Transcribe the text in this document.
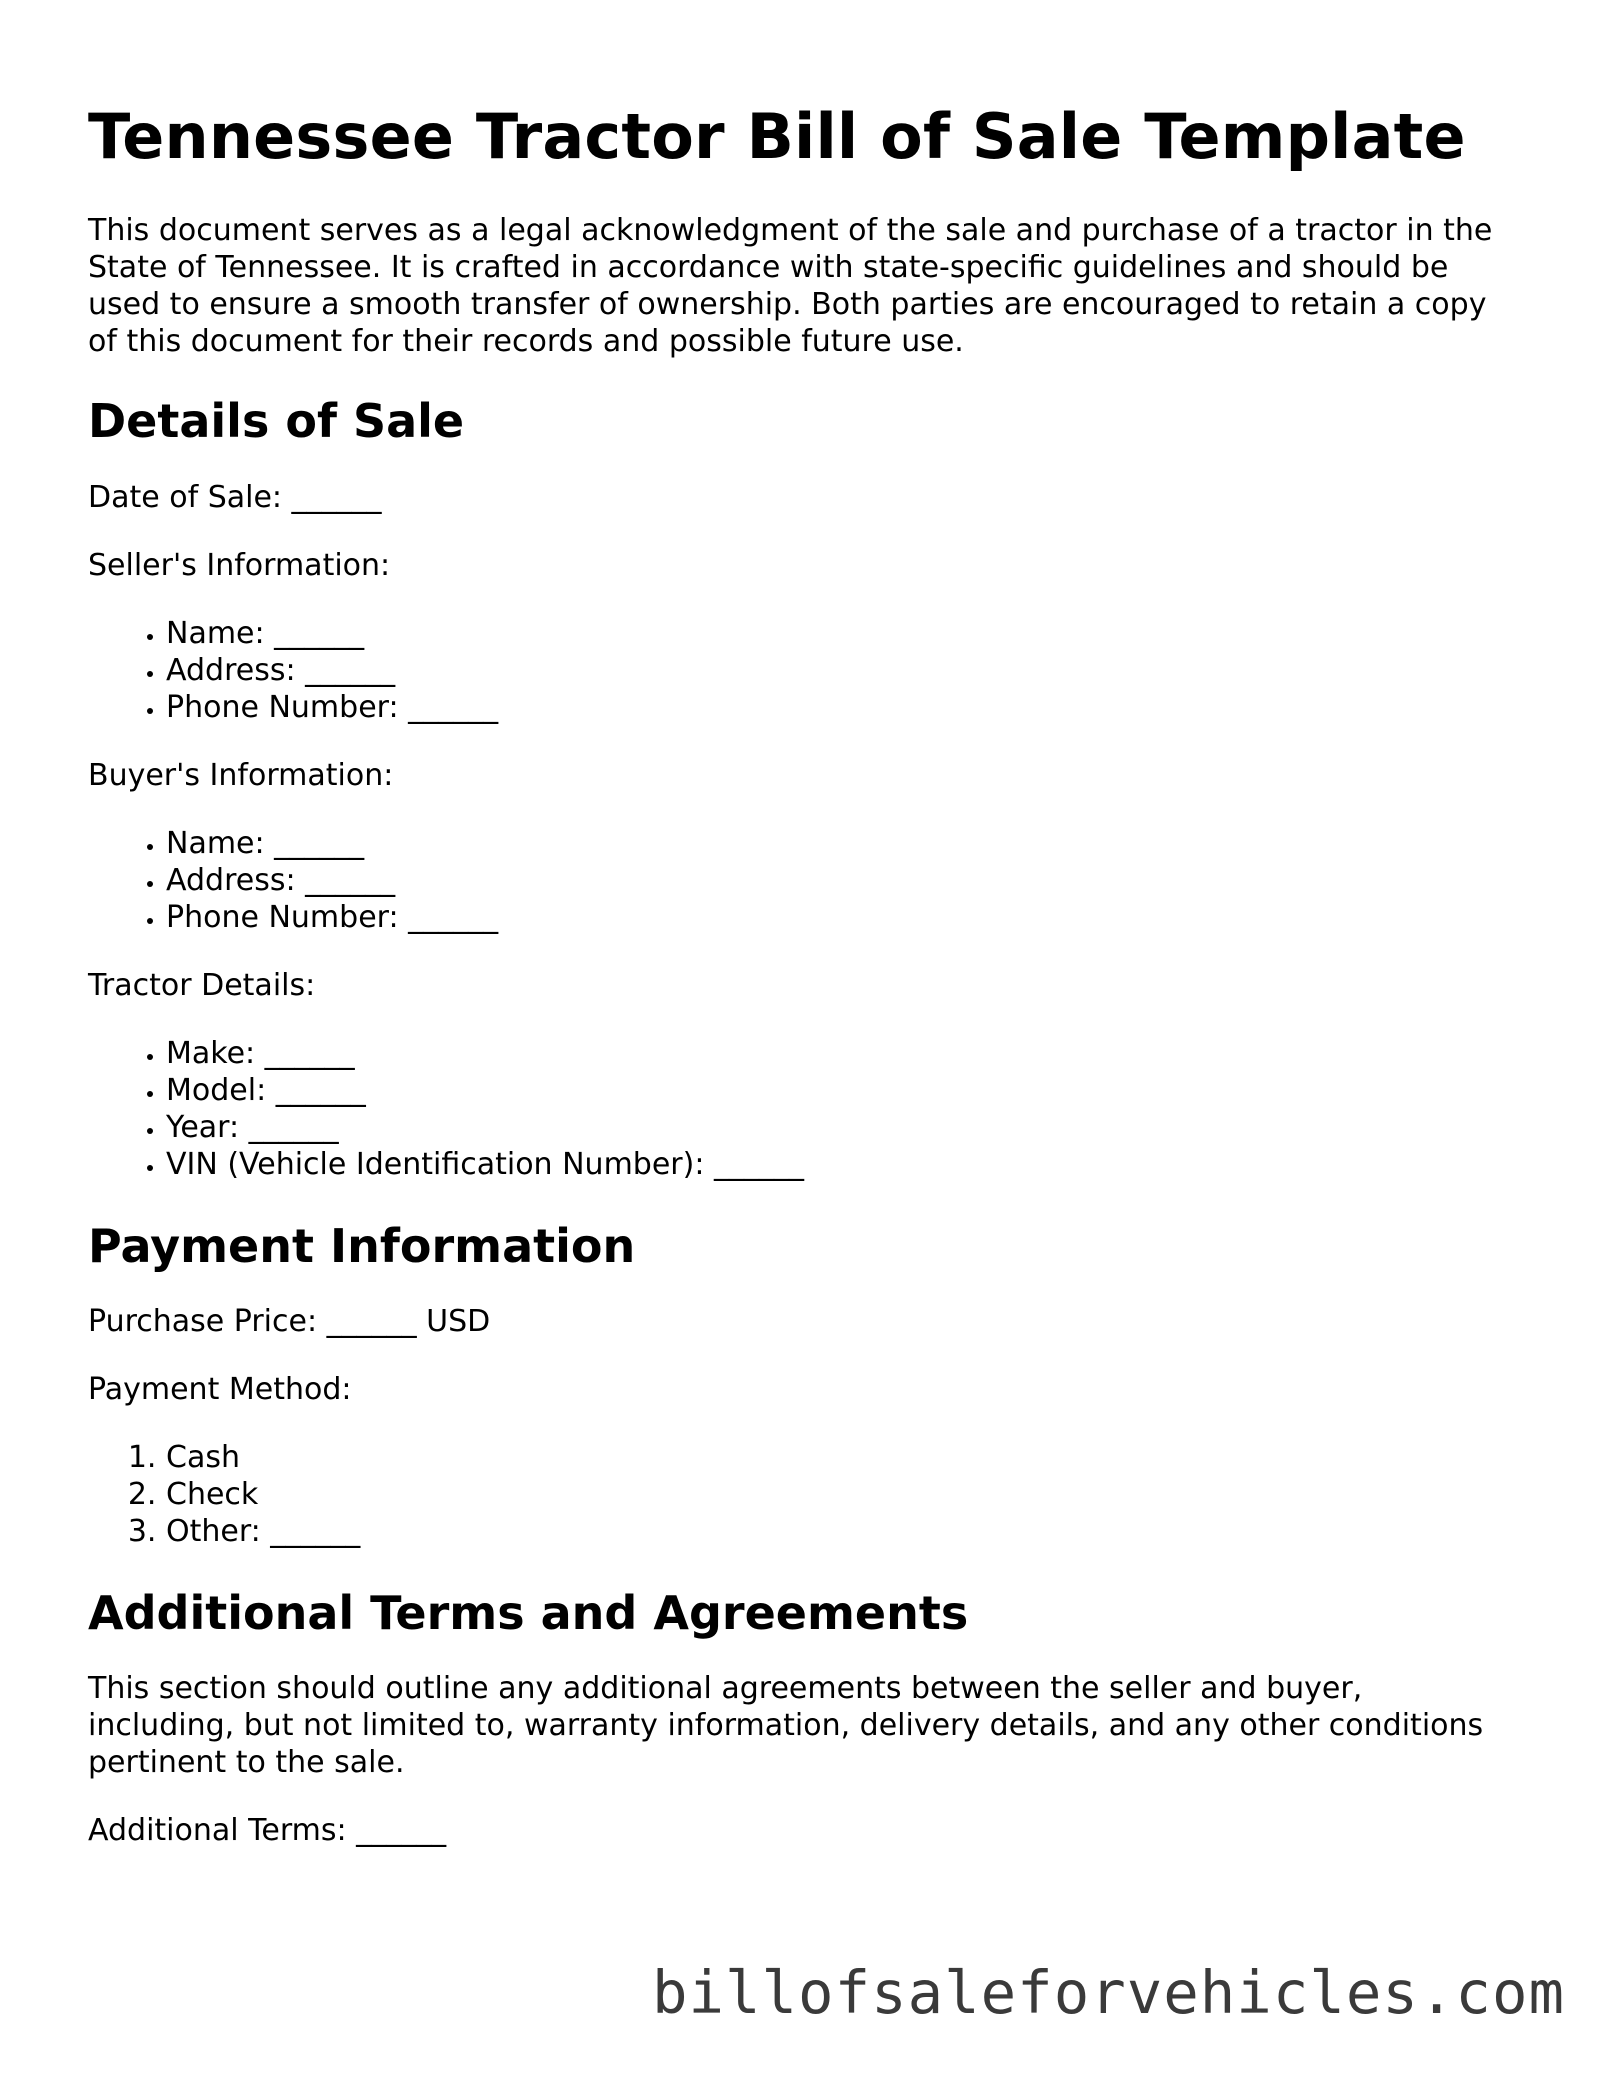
Tennessee Tractor Bill of Sale Template

This document serves as a legal acknowledgment of the sale and purchase of a tractor in the State of Tennessee. It is crafted in accordance with state-specific guidelines and should be used to ensure a smooth transfer of ownership. Both parties are encouraged to retain a copy of this document for their records and possible future use.

Details of Sale

Date of Sale: ______

Seller's Information:

• Name: ______
• Address: ______
• Phone Number: ______

Buyer's Information:

• Name: ______
• Address: ______
• Phone Number: ______

Tractor Details:

• Make: ______
• Model: ______
• Year: ______
• VIN (Vehicle Identification Number): ______
Payment Information

Purchase Price: ______ USD

Payment Method:

1. Cash
2. Check
3. Other: ______
Additional Terms and Agreements

This section should outline any additional agreements between the seller and buyer, including, but not limited to, warranty information, delivery details, and any other conditions pertinent to the sale.

Additional Terms: ______

billofsaleforvehicles.com
